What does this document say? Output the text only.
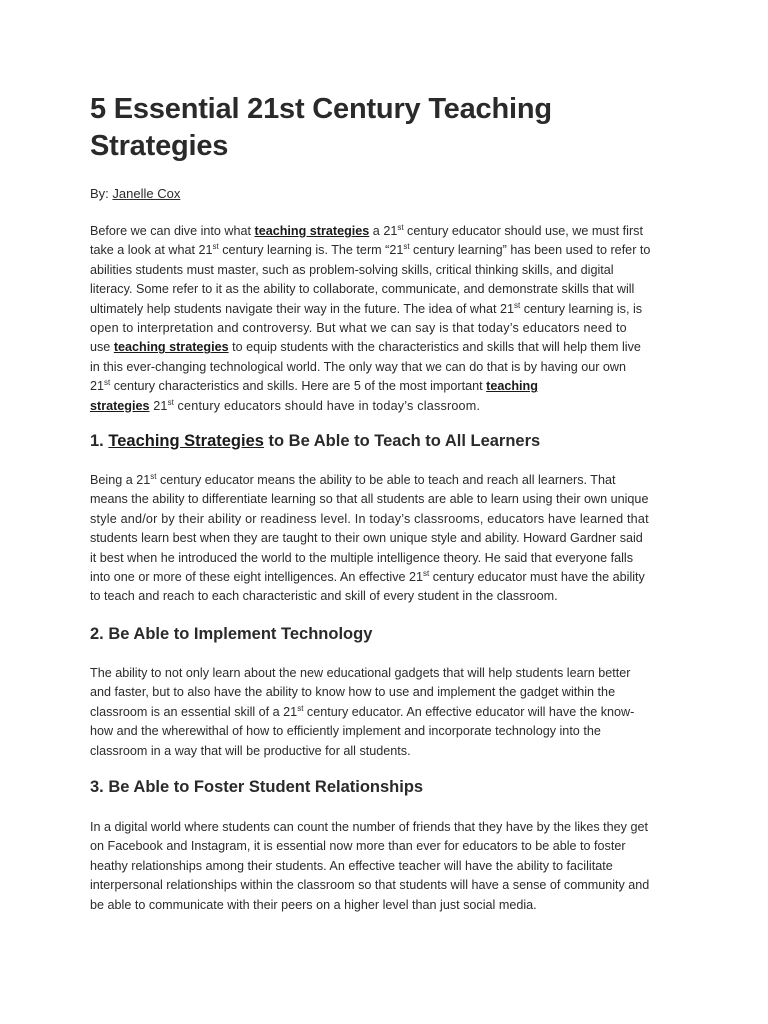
5 Essential 21st Century Teaching
Strategies
By: Janelle Cox

Before we can dive into what teaching strategies a 21st century educator should use, we must first
take a look at what 21st century learning is. The term “21st century learning” has been used to refer to
abilities students must master, such as problem-solving skills, critical thinking skills, and digital
literacy. Some refer to it as the ability to collaborate, communicate, and demonstrate skills that will
ultimately help students navigate their way in the future. The idea of what 21st century learning is, is
open to interpretation and controversy. But what we can say is that today’s educators need to
use teaching strategies to equip students with the characteristics and skills that will help them live
in this ever-changing technological world. The only way that we can do that is by having our own
21st century characteristics and skills. Here are 5 of the most important teaching
strategies 21st century educators should have in today’s classroom.

1. Teaching Strategies to Be Able to Teach to All Learners

Being a 21st century educator means the ability to be able to teach and reach all learners. That
means the ability to differentiate learning so that all students are able to learn using their own unique
style and/or by their ability or readiness level. In today’s classrooms, educators have learned that
students learn best when they are taught to their own unique style and ability. Howard Gardner said
it best when he introduced the world to the multiple intelligence theory. He said that everyone falls
into one or more of these eight intelligences. An effective 21st century educator must have the ability
to teach and reach to each characteristic and skill of every student in the classroom.

2. Be Able to Implement Technology

The ability to not only learn about the new educational gadgets that will help students learn better
and faster, but to also have the ability to know how to use and implement the gadget within the
classroom is an essential skill of a 21st century educator. An effective educator will have the know-
how and the wherewithal of how to efficiently implement and incorporate technology into the
classroom in a way that will be productive for all students.

3. Be Able to Foster Student Relationships

In a digital world where students can count the number of friends that they have by the likes they get
on Facebook and Instagram, it is essential now more than ever for educators to be able to foster
heathy relationships among their students. An effective teacher will have the ability to facilitate
interpersonal relationships within the classroom so that students will have a sense of community and
be able to communicate with their peers on a higher level than just social media.
